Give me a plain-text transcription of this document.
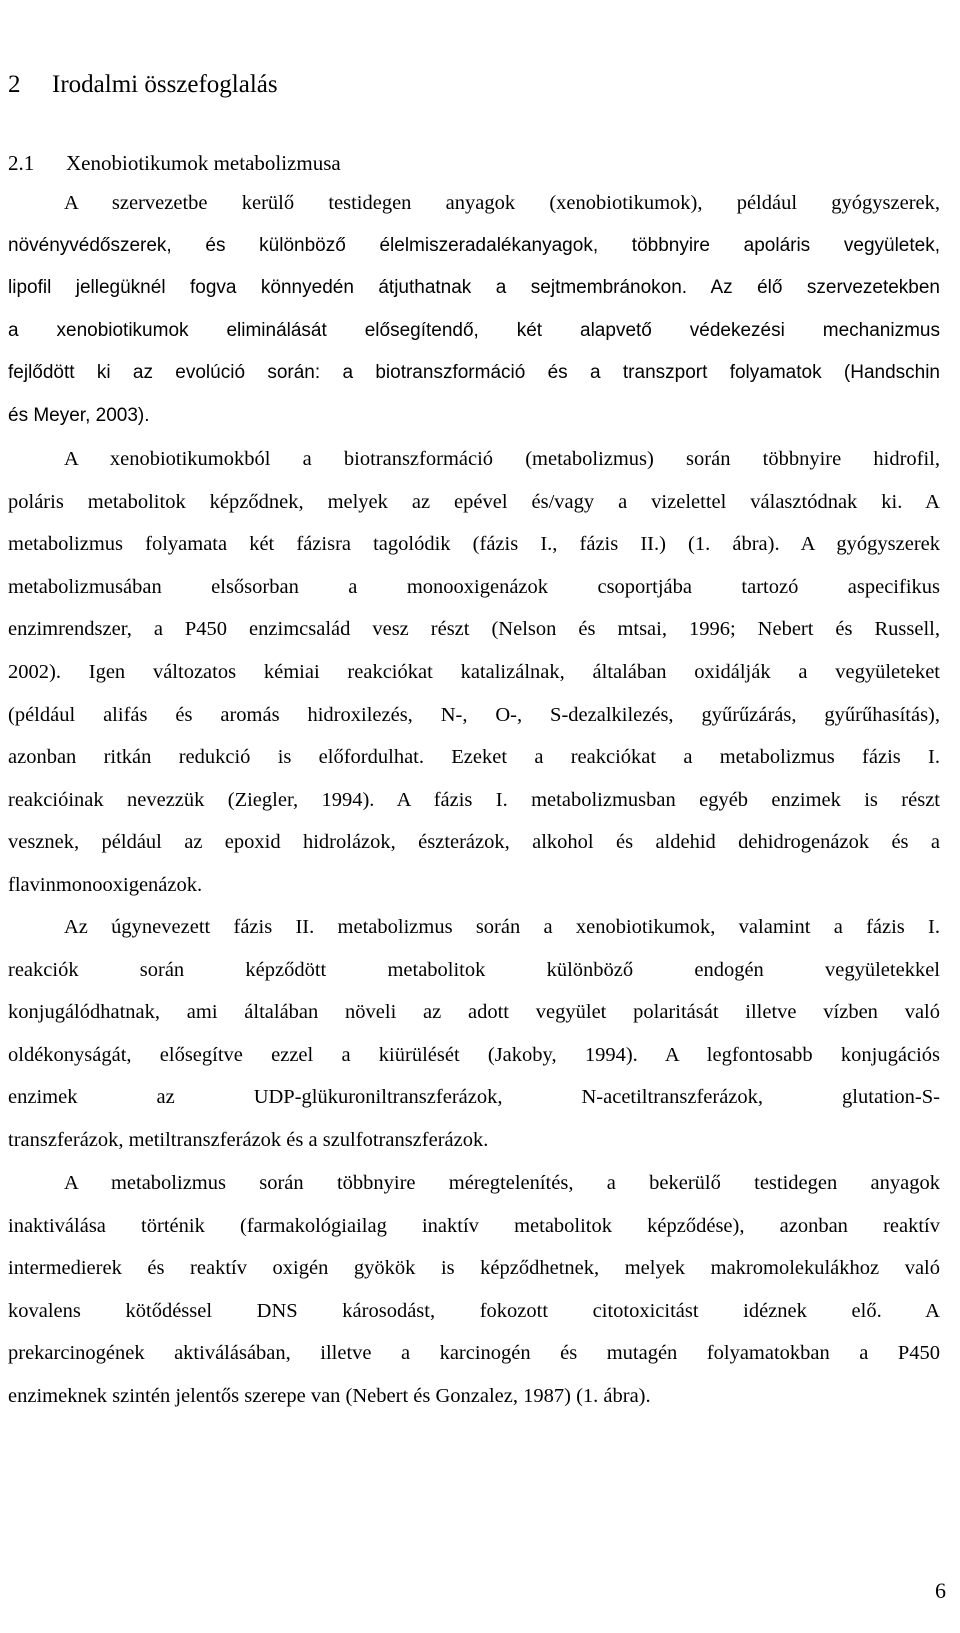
2 Irodalmi összefoglalás
2.1 Xenobiotikumok metabolizmusa
A szervezetbe kerülő testidegen anyagok (xenobiotikumok), például gyógyszerek,
növényvédőszerek, és különböző élelmiszeradalékanyagok, többnyire apoláris vegyületek,
lipofil jellegüknél fogva könnyedén átjuthatnak a sejtmembránokon. Az élő szervezetekben
a xenobiotikumok eliminálását elősegítendő, két alapvető védekezési mechanizmus
fejlődött ki az evolúció során: a biotranszformáció és a transzport folyamatok (Handschin
és Meyer, 2003).
A xenobiotikumokból a biotranszformáció (metabolizmus) során többnyire hidrofil,
poláris metabolitok képződnek, melyek az epével és/vagy a vizelettel választódnak ki. A
metabolizmus folyamata két fázisra tagolódik (fázis I., fázis II.) (1. ábra). A gyógyszerek
metabolizmusában elsősorban a monooxigenázok csoportjába tartozó aspecifikus
enzimrendszer, a P450 enzimcsalád vesz részt (Nelson és mtsai, 1996; Nebert és Russell,
2002). Igen változatos kémiai reakciókat katalizálnak, általában oxidálják a vegyületeket
(például alifás és aromás hidroxilezés, N-, O-, S-dezalkilezés, gyűrűzárás, gyűrűhasítás),
azonban ritkán redukció is előfordulhat. Ezeket a reakciókat a metabolizmus fázis I.
reakcióinak nevezzük (Ziegler, 1994). A fázis I. metabolizmusban egyéb enzimek is részt
vesznek, például az epoxid hidrolázok, észterázok, alkohol és aldehid dehidrogenázok és a
flavinmonooxigenázok.
Az úgynevezett fázis II. metabolizmus során a xenobiotikumok, valamint a fázis I.
reakciók során képződött metabolitok különböző endogén vegyületekkel
konjugálódhatnak, ami általában növeli az adott vegyület polaritását illetve vízben való
oldékonyságát, elősegítve ezzel a kiürülését (Jakoby, 1994). A legfontosabb konjugációs
enzimek az UDP-glükuroniltranszferázok, N-acetiltranszferázok, glutation-S-
transzferázok, metiltranszferázok és a szulfotranszferázok.
A metabolizmus során többnyire méregtelenítés, a bekerülő testidegen anyagok
inaktiválása történik (farmakológiailag inaktív metabolitok képződése), azonban reaktív
intermedierek és reaktív oxigén gyökök is képződhetnek, melyek makromolekulákhoz való
kovalens kötődéssel DNS károsodást, fokozott citotoxicitást idéznek elő. A
prekarcinogének aktiválásában, illetve a karcinogén és mutagén folyamatokban a P450
enzimeknek szintén jelentős szerepe van (Nebert és Gonzalez, 1987) (1. ábra).
6
